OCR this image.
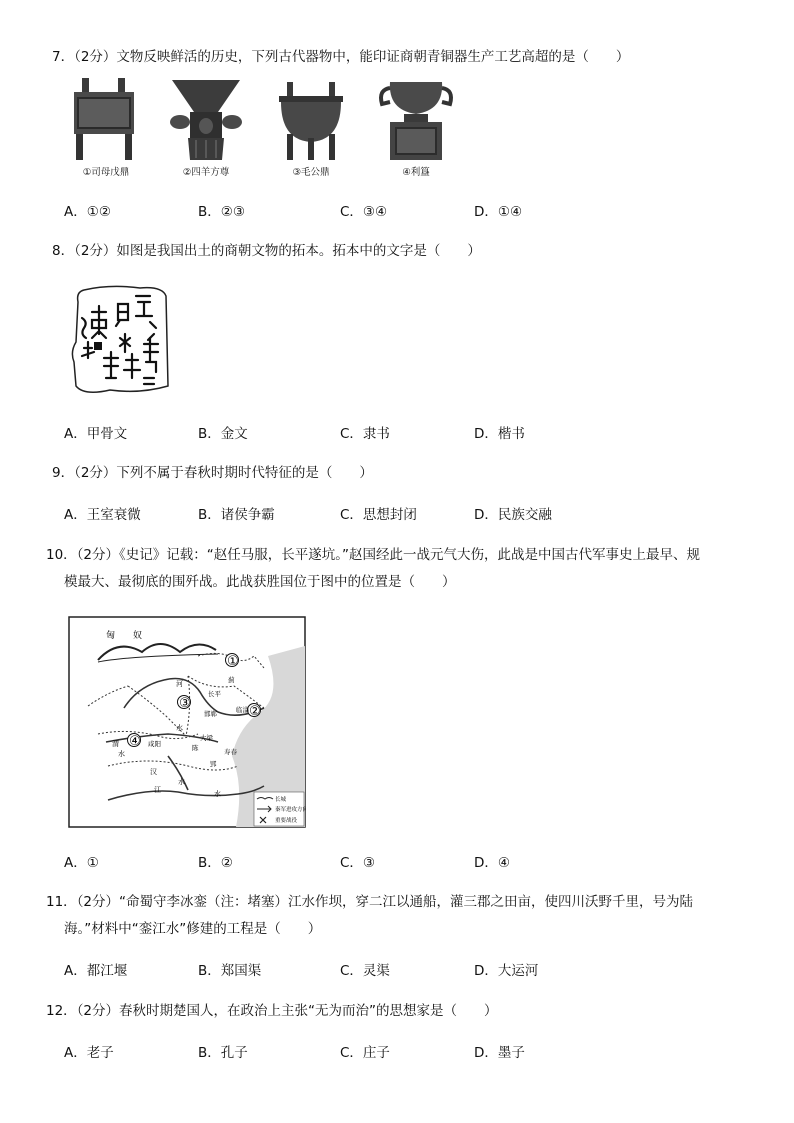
7．（2分）文物反映鲜活的历史，下列古代器物中，能印证商朝青铜器生产工艺高超的是（　　）
①司母戊鼎	②四羊方尊	③毛公鼎	④利簋
A．①②	B．②③	C．③④	D．①④
8．（2分）如图是我国出土的商朝文物的拓本。拓本中的文字是（　　）
A．甲骨文	B．金文	C．隶书	D．楷书
9．（2分）下列不属于春秋时期时代特征的是（　　）
A．王室衰微	B．诸侯争霸	C．思想封闭	D．民族交融
10．（2分）《史记》记载：“赵任马服，长平遂坑。”赵国经此一战元气大伤，此战是中国古代军事史上最早、规
模最大、最彻底的围歼战。此战获胜国位于图中的位置是（　　）
匈　　奴
①
②
③
④
蓟
临淄
邯郸
长平
大梁
郢
咸阳	陈	寿春
河
水
渭
水
汉
江
水
水
长城
秦军进攻方向
重要战役
A．①	B．②	C．③	D．④
11．（2分）“命蜀守李冰銮（注：堵塞）江水作坝，穿二江以通船，灌三郡之田亩，使四川沃野千里，号为陆
海。”材料中“銮江水”修建的工程是（　　）
A．都江堰	B．郑国渠	C．灵渠	D．大运河
12．（2分）春秋时期楚国人，在政治上主张“无为而治”的思想家是（　　）
A．老子	B．孔子	C．庄子	D．墨子
